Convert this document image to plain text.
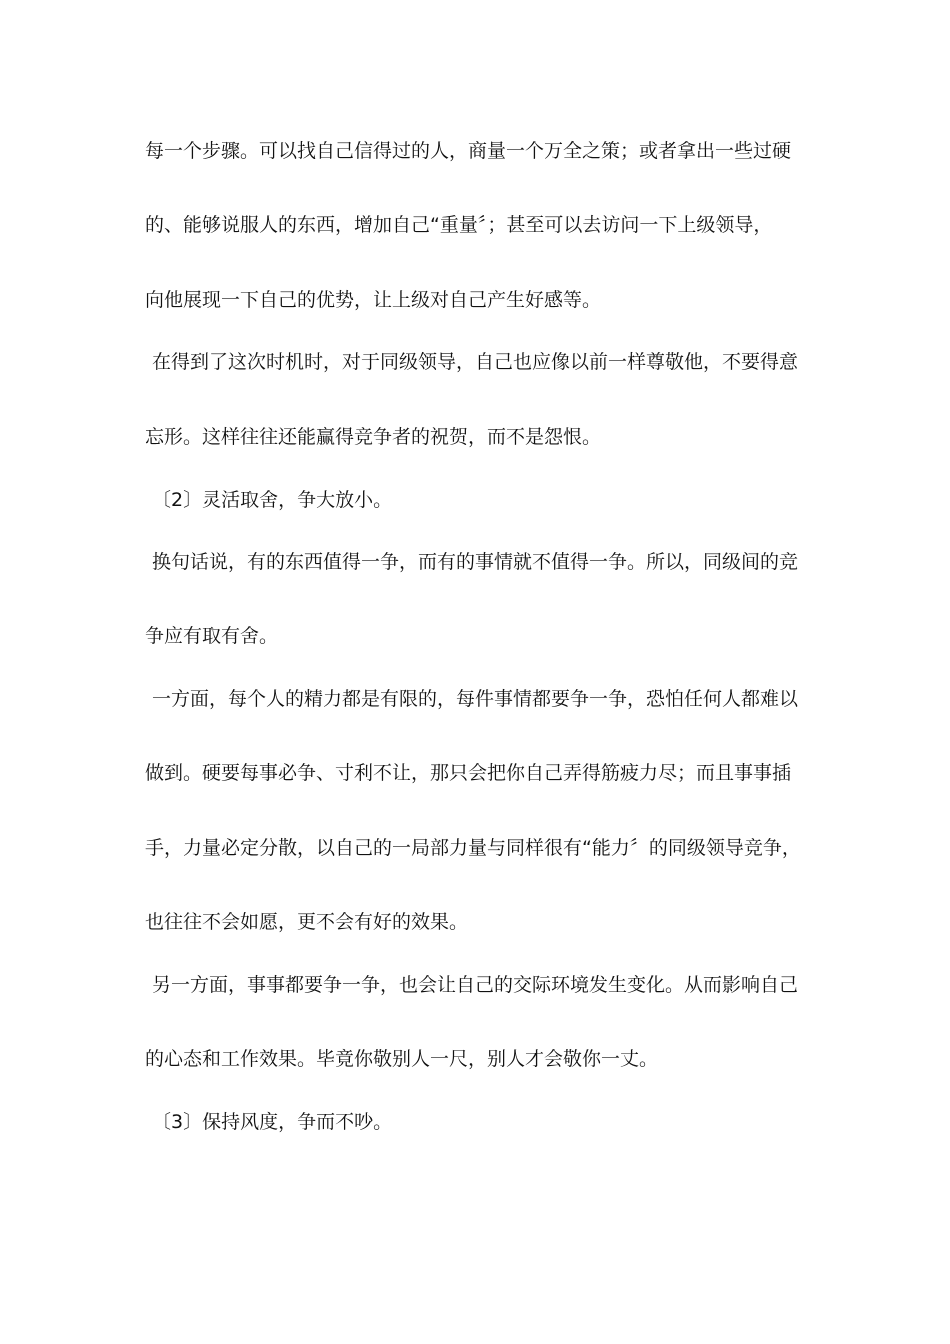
每一个步骤。可以找自己信得过的人，商量一个万全之策；或者拿出一些过硬
的、能够说服人的东西，增加自己“重量〞；甚至可以去访问一下上级领导，
向他展现一下自己的优势，让上级对自己产生好感等。
在得到了这次时机时，对于同级领导，自己也应像以前一样尊敬他，不要得意
忘形。这样往往还能赢得竞争者的祝贺，而不是怨恨。
〔2〕灵活取舍，争大放小。
换句话说，有的东西值得一争，而有的事情就不值得一争。所以，同级间的竞
争应有取有舍。
一方面，每个人的精力都是有限的，每件事情都要争一争，恐怕任何人都难以
做到。硬要每事必争、寸利不让，那只会把你自己弄得筋疲力尽；而且事事插
手，力量必定分散，以自己的一局部力量与同样很有“能力〞的同级领导竞争，
也往往不会如愿，更不会有好的效果。
另一方面，事事都要争一争，也会让自己的交际环境发生变化。从而影响自己
的心态和工作效果。毕竟你敬别人一尺，别人才会敬你一丈。
〔3〕保持风度，争而不吵。
